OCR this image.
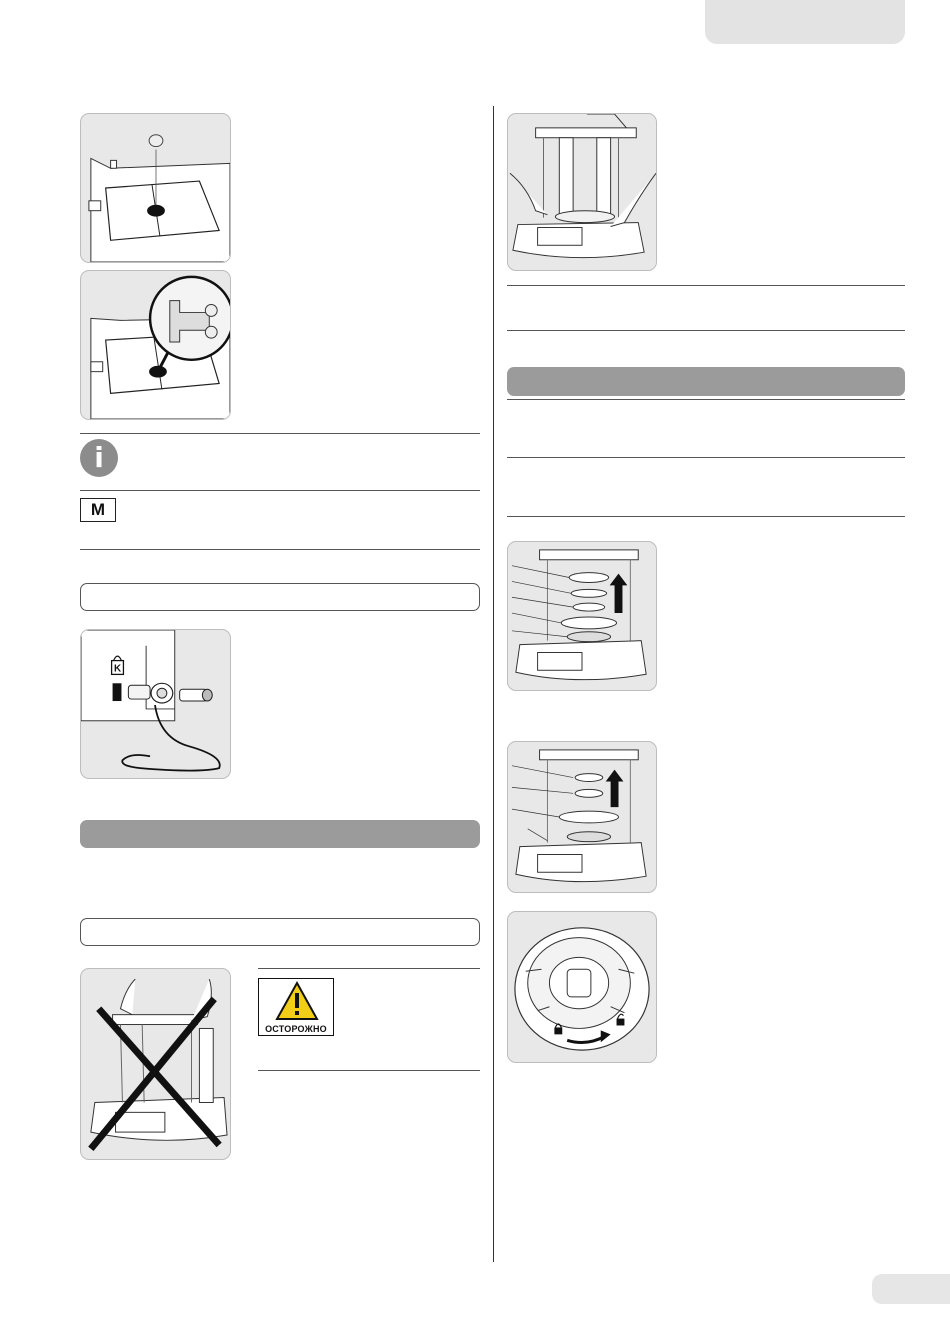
i
M
K
ОСТОРОЖНО
